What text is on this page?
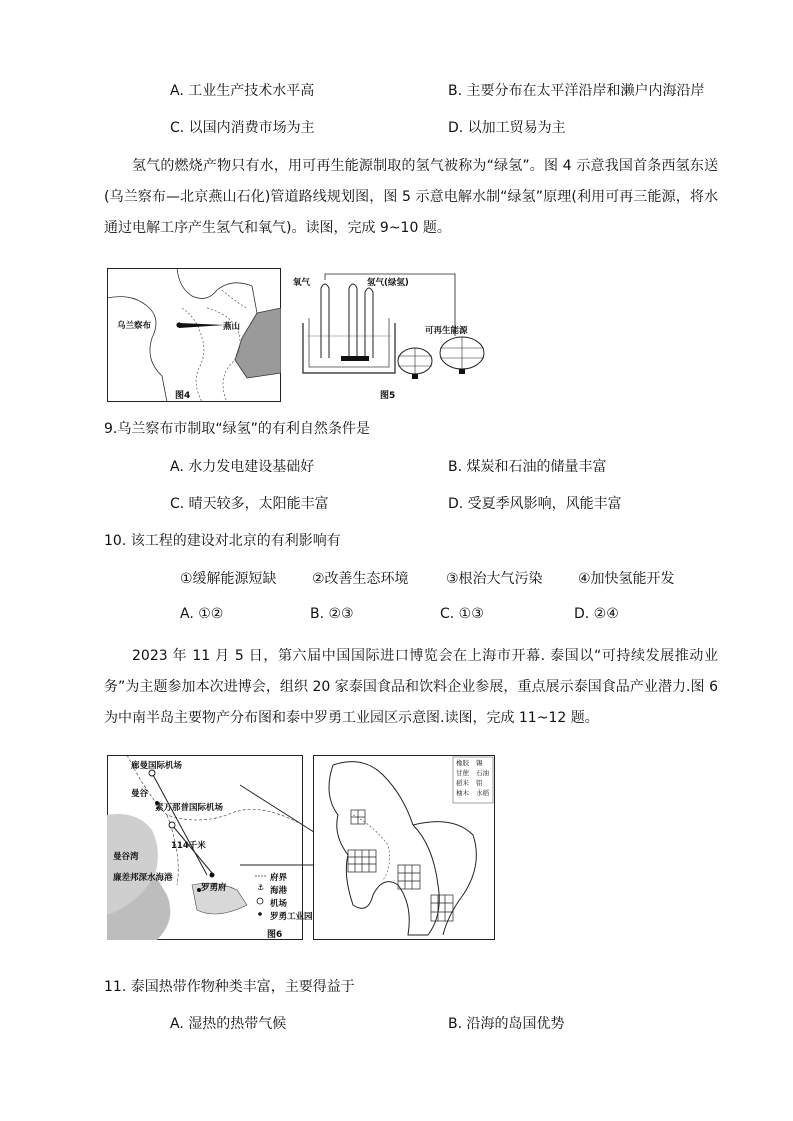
A. 工业生产技术水平高	B. 主要分布在太平洋沿岸和濑户内海沿岸
C. 以国内消费市场为主	D. 以加工贸易为主
氢气的燃烧产物只有水，用可再生能源制取的氢气被称为“绿氢”。图 4 示意我国首条西氢东送(乌兰察布—北京燕山石化)管道路线规划图，图 5 示意电解水制“绿氢”原理(利用可再三能源，将水通过电解工序产生氢气和氧气)。读图，完成 9~10 题。
乌兰察布	燕山
图4
氧气	氢气(绿氢)
可再生能源
图5
9.乌兰察布市制取“绿氢”的有利自然条件是
A. 水力发电建设基础好	B. 煤炭和石油的储量丰富
C. 晴天较多，太阳能丰富	D. 受夏季风影响，风能丰富
10. 该工程的建设对北京的有利影响有
①缓解能源短缺	②改善生态环境	③根治大气污染	④加快氢能开发
A. ①②	B. ②③	C. ①③	D. ②④
2023 年 11 月 5 日，第六届中国国际进口博览会在上海市开幕. 泰国以“可持续发展推动业务”为主题参加本次进博会，组织 20 家泰国食品和饮料企业参展，重点展示泰国食品产业潜力.图 6 为中南半岛主要物产分布图和泰中罗勇工业园区示意图.读图，完成 11~12 题。
⚓
廊曼国际机场
曼谷
素万那普国际机场
114千米
曼谷湾
廉差邦深水海港
罗勇府
府界
海港
机场
罗勇工业园
图6
橡胶 锡
甘蔗 石油
稻米 铝
柚木 水稻
11. 泰国热带作物种类丰富，主要得益于
A. 湿热的热带气候	B. 沿海的岛国优势
